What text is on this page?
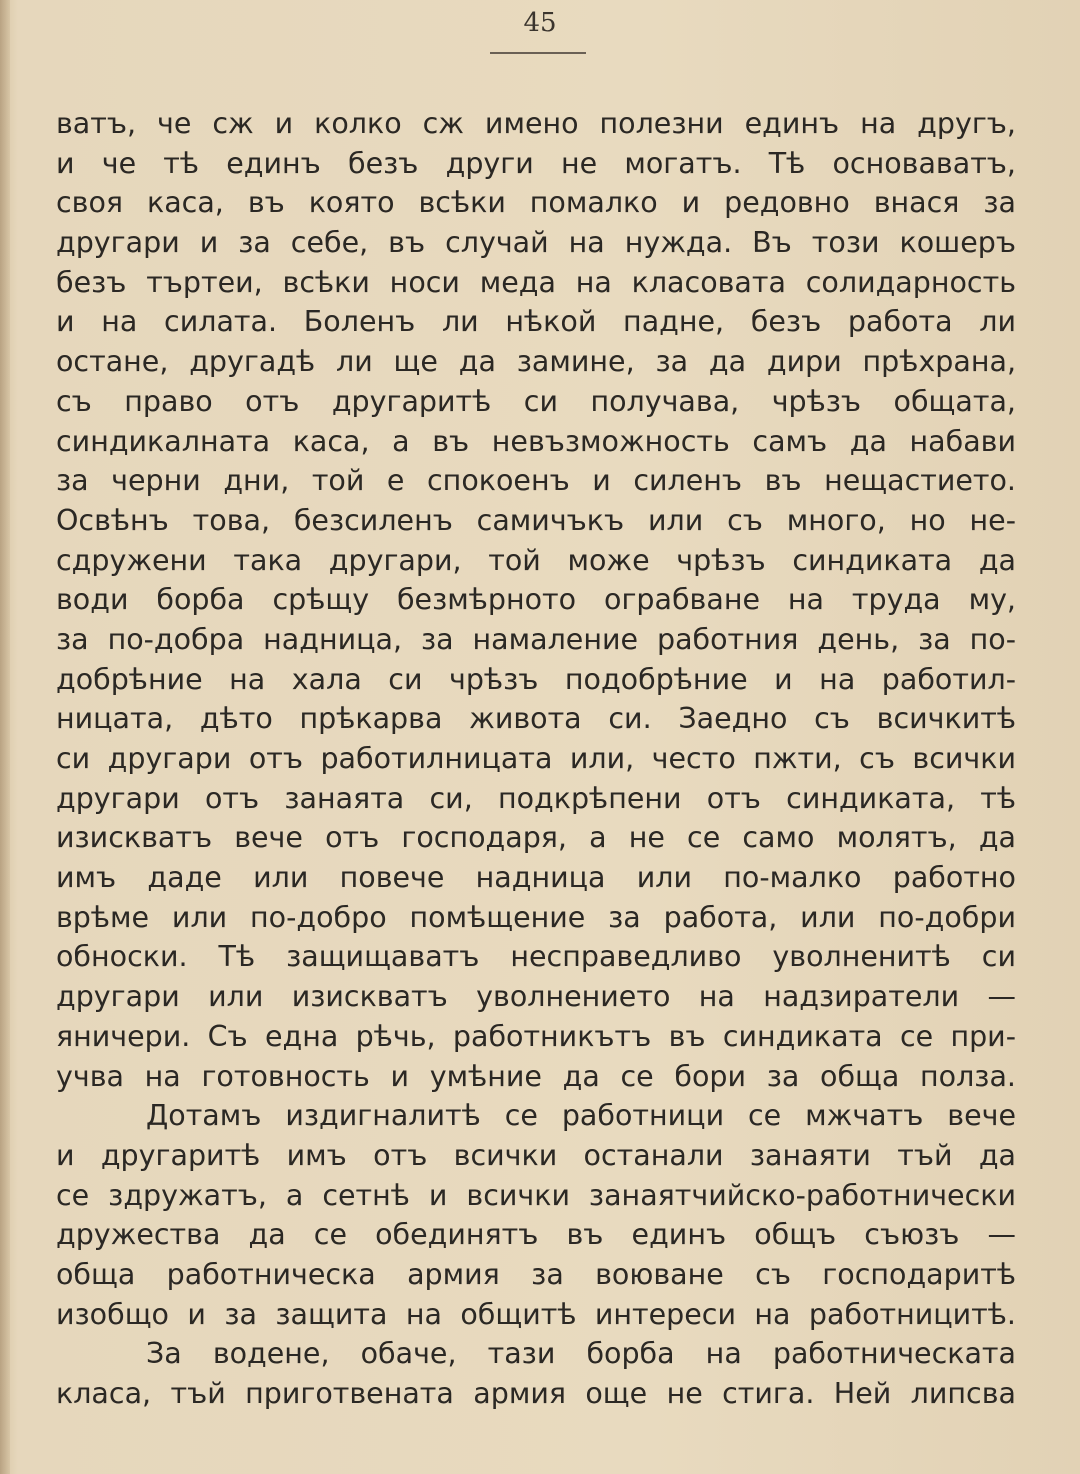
45
ватъ, че сж и колко сж имено полезни единъ на другъ,
и че тѣ единъ безъ други не могатъ. Тѣ основаватъ,
своя каса, въ която всѣки помалко и редовно внася за
другари и за себе, въ случай на нужда. Въ този кошеръ
безъ търтеи, всѣки носи меда на класовата солидарность
и на силата. Боленъ ли нѣкой падне, безъ работа ли
остане, другадѣ ли ще да замине, за да дири прѣхрана,
съ право отъ другаритѣ си получава, чрѣзъ общата,
синдикалната каса, а въ невъзможность самъ да набави
за черни дни, той е спокоенъ и силенъ въ нещастието.
Освѣнъ това, безсиленъ самичъкъ или съ много, но не-
сдружени така другари, той може чрѣзъ синдиката да
води борба срѣщу безмѣрното ограбване на труда му,
за по-добра надница, за намаление работния день, за по-
добрѣние на хала си чрѣзъ подобрѣние и на работил-
ницата, дѣто прѣкарва живота си. Заедно съ всичкитѣ
си другари отъ работилницата или, често пжти, съ всички
другари отъ занаята си, подкрѣпени отъ синдиката, тѣ
изискватъ вече отъ господаря, а не се само молятъ, да
имъ даде или повече надница или по-малко работно
врѣме или по-добро помѣщение за работа, или по-добри
обноски. Тѣ защищаватъ несправедливо уволненитѣ си
другари или изискватъ уволнението на надзиратели —
яничери. Съ една рѣчь, работникътъ въ синдиката се при-
учва на готовность и умѣние да се бори за обща полза.
Дотамъ издигналитѣ се работници се мжчатъ вече
и другаритѣ имъ отъ всички останали занаяти тъй да
се здружатъ, а сетнѣ и всички занаятчийско-работнически
дружества да се обединятъ въ единъ общъ съюзъ —
обща работническа армия за воюване съ господаритѣ
изобщо и за защита на общитѣ интереси на работницитѣ.
За водене, обаче, тази борба на работническата
класа, тъй приготвената армия още не стига. Ней липсва
